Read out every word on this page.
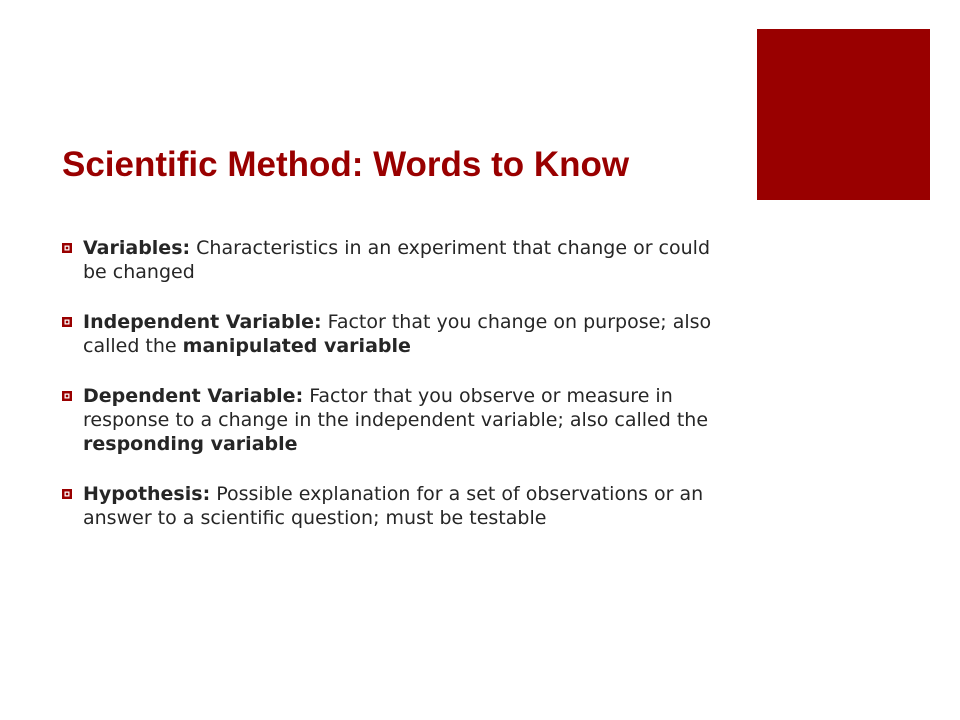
Scientific Method: Words to Know
Variables: Characteristics in an experiment that change or could be changed
Independent Variable: Factor that you change on purpose; also called the manipulated variable
Dependent Variable: Factor that you observe or measure in response to a change in the independent variable; also called the responding variable
Hypothesis: Possible explanation for a set of observations or an answer to a scientific question; must be testable
